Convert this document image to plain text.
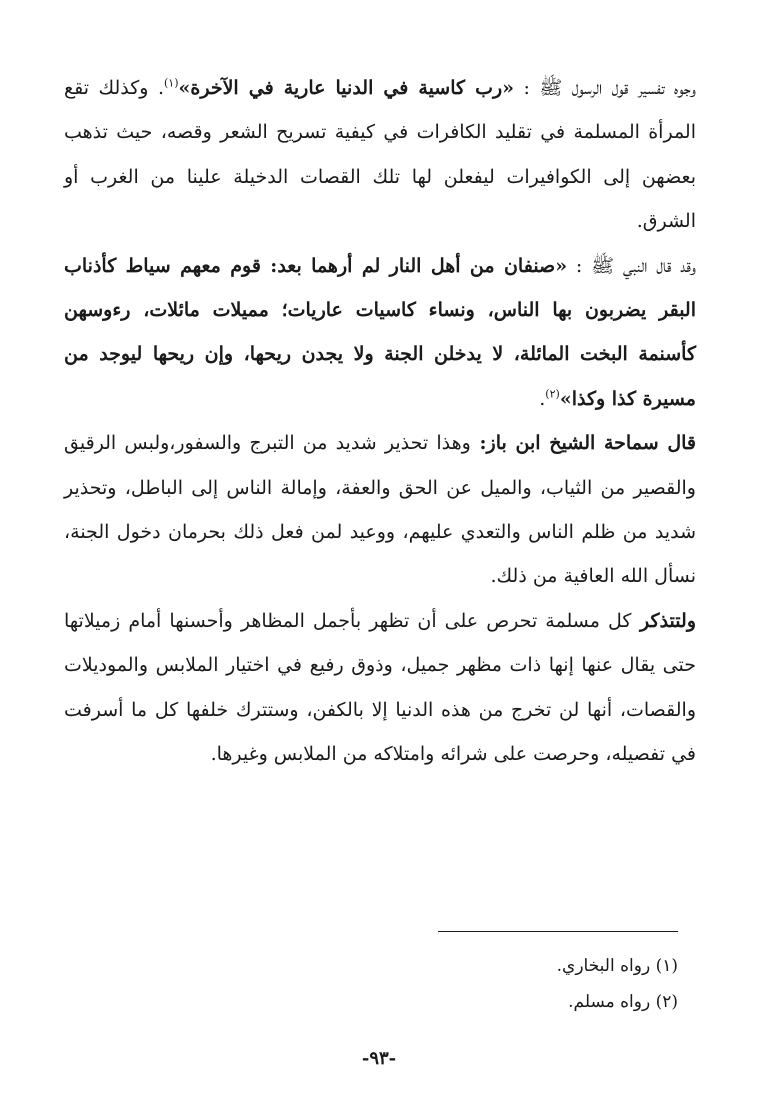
وجوه تفسير قول الرسول ﷺ : «رب كاسية في الدنيا عارية في الآخرة»$^{(١)}$. وكذلك تقع المرأة المسلمة في تقليد الكافرات في كيفية تسريح الشعر وقصه، حيث تذهب بعضهن إلى الكوافيرات ليفعلن لها تلك القصات الدخيلة علينا من الغرب أو الشرق.

وقد قال النبي ﷺ : «صنفان من أهل النار لم أرهما بعد: قوم معهم سياط كأذناب البقر يضربون بها الناس، ونساء كاسيات عاريات؛ مميلات مائلات، رءوسهن كأسنمة البخت المائلة، لا يدخلن الجنة ولا يجدن ريحها، وإن ريحها ليوجد من مسيرة كذا وكذا»$^{(٢)}$.

قال سماحة الشيخ ابن باز: وهذا تحذير شديد من التبرج والسفور،ولبس الرقيق والقصير من الثياب، والميل عن الحق والعفة، وإمالة الناس إلى الباطل، وتحذير شديد من ظلم الناس والتعدي عليهم، ووعيد لمن فعل ذلك بحرمان دخول الجنة، نسأل الله العافية من ذلك.

ولتتذكر كل مسلمة تحرص على أن تظهر بأجمل المظاهر وأحسنها أمام زميلاتها حتى يقال عنها إنها ذات مظهر جميل، وذوق رفيع في اختيار الملابس والموديلات والقصات، أنها لن تخرج من هذه الدنيا إلا بالكفن، وستترك خلفها كل ما أسرفت في تفصيله، وحرصت على شرائه وامتلاكه من الملابس وغيرها.

(١) رواه البخاري.

(٢) رواه مسلم.

-٩٣-
